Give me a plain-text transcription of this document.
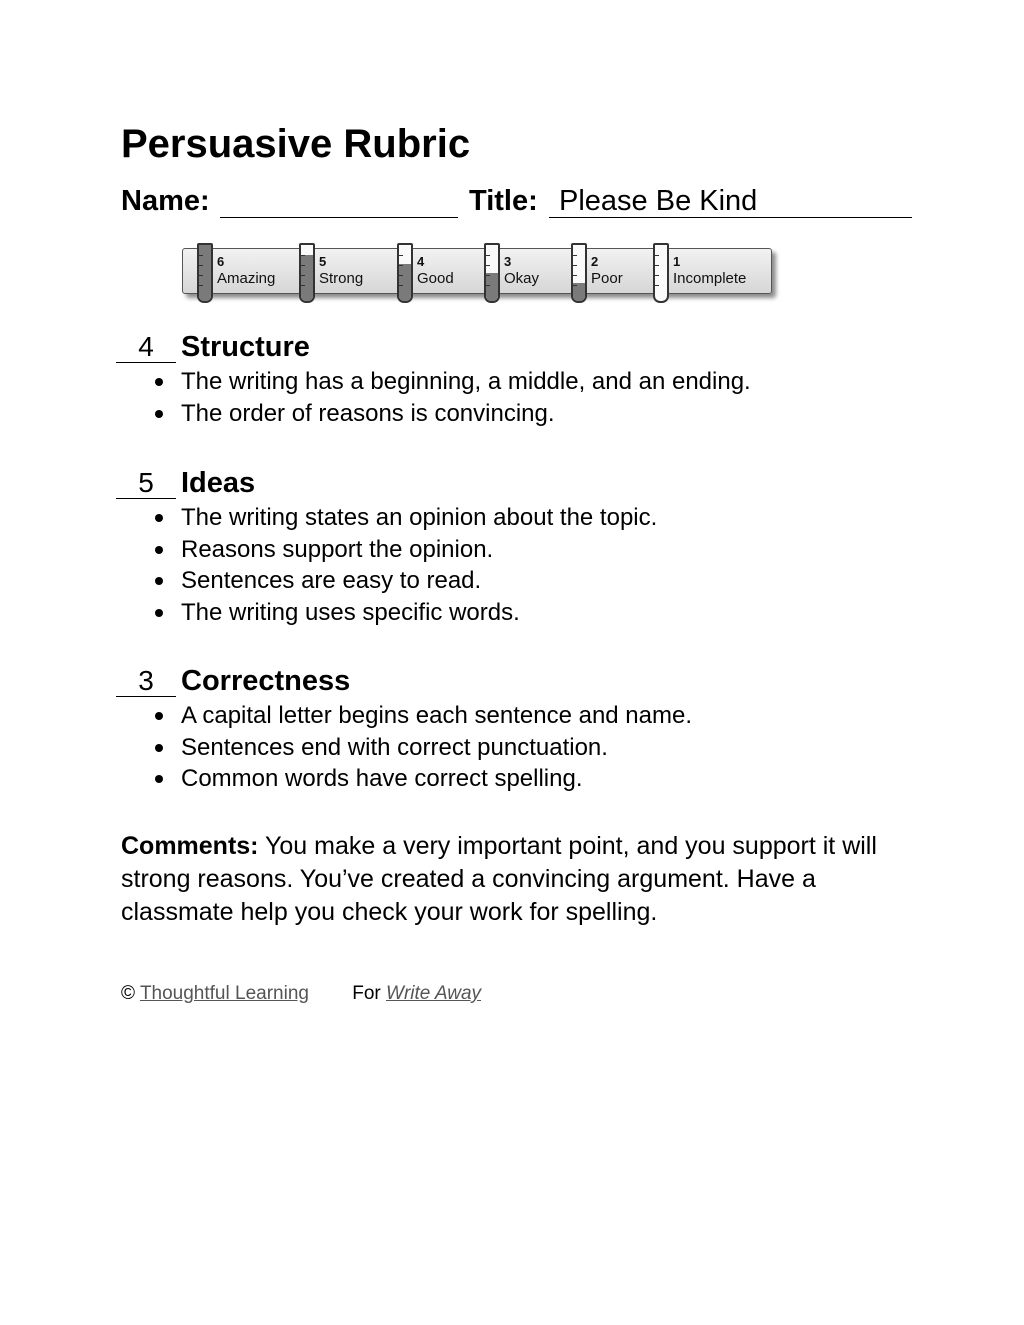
Persuasive Rubric
Name:	Title: Please Be Kind
6
Amazing
5
Strong
4
Good
3
Okay
2
Poor
1
Incomplete
4 Structure
The writing has a beginning, a middle, and an ending.
The order of reasons is convincing.
5 Ideas
The writing states an opinion about the topic.
Reasons support the opinion.
Sentences are easy to read.
The writing uses specific words.
3 Correctness
A capital letter begins each sentence and name.
Sentences end with correct punctuation.
Common words have correct spelling.

Comments: You make a very important point, and you support it will strong reasons. You’ve created a convincing argument. Have a classmate help you check your work for spelling.

© Thoughtful Learning For Write Away
